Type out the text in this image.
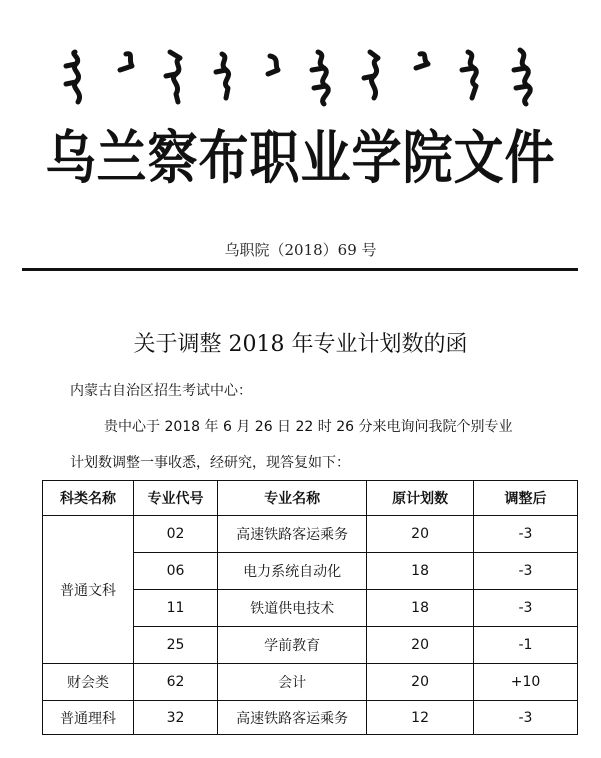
乌兰察布职业学院文件
乌职院（2018）69 号
关于调整 2018 年专业计划数的函
内蒙古自治区招生考试中心：
贵中心于 2018 年 6 月 26 日 22 时 26 分来电询问我院个别专业
计划数调整一事收悉，经研究，现答复如下：
科类名称	专业代号	专业名称	原计划数	调整后
普通文科	02	高速铁路客运乘务	20	-3
	06	电力系统自动化	18	-3
	11	铁道供电技术	18	-3
	25	学前教育	20	-1
财会类	62	会计	20	+10
普通理科	32	高速铁路客运乘务	12	-3
